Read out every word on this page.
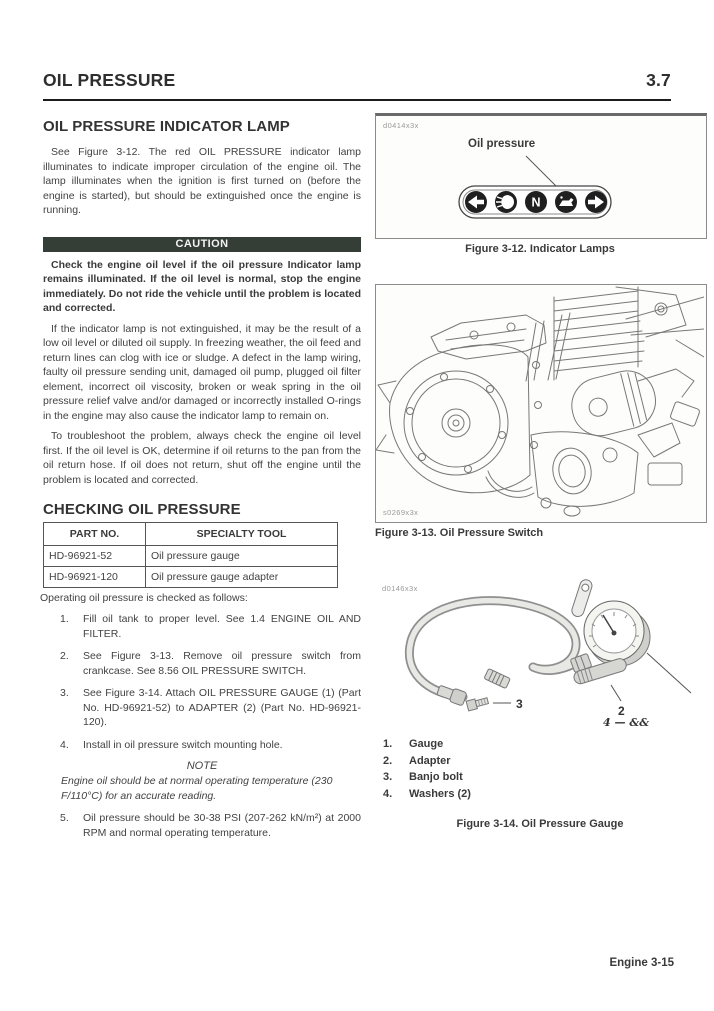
OIL PRESSURE	3.7
OIL PRESSURE INDICATOR LAMP

See Figure 3-12. The red OIL PRESSURE indicator lamp illuminates to indicate improper circulation of the engine oil. The lamp illuminates when the ignition is first turned on (before the engine is started), but should be extinguished once the engine is running.

CAUTION

Check the engine oil level if the oil pressure Indicator lamp remains illuminated. If the oil level is normal, stop the engine immediately. Do not ride the vehicle until the problem is located and corrected.

If the indicator lamp is not extinguished, it may be the result of a low oil level or diluted oil supply. In freezing weather, the oil feed and return lines can clog with ice or sludge. A defect in the lamp wiring, faulty oil pressure sending unit, damaged oil pump, plugged oil filter element, incorrect oil viscosity, broken or weak spring in the oil pressure relief valve and/or damaged or incorrectly installed O-rings in the engine may also cause the indicator lamp to remain on.

To troubleshoot the problem, always check the engine oil level first. If the oil level is OK, determine if oil returns to the pan from the oil return hose. If oil does not return, shut off the engine until the problem is located and corrected.

CHECKING OIL PRESSURE
PART NO.	SPECIALTY TOOL
HD-96921-52	Oil pressure gauge
HD-96921-120	Oil pressure gauge adapter

Operating oil pressure is checked as follows:

1.	Fill oil tank to proper level. See 1.4 ENGINE OIL AND FILTER.
2.	See Figure 3-13. Remove oil pressure switch from crankcase. See 8.56 OIL PRESSURE SWITCH.
3.	See Figure 3-14. Attach OIL PRESSURE GAUGE (1) (Part No. HD-96921-52) to ADAPTER (2) (Part No. HD-96921-120).
4.	Install in oil pressure switch mounting hole.
NOTE

Engine oil should be at normal operating temperature (230 F/110°C) for an accurate reading.

5.	Oil pressure should be 30-38 PSI (207-262 kN/m²) at 2000 RPM and normal operating temperature.
d0414x3x
Oil pressure
N
Figure 3-12. Indicator Lamps
s0269x3x
Figure 3-13. Oil Pressure Switch
d0146x3x
3	2
4 — &&
1.	Gauge
2.	Adapter
3.	Banjo bolt
4.	Washers (2)
Figure 3-14. Oil Pressure Gauge
Engine 3-15
